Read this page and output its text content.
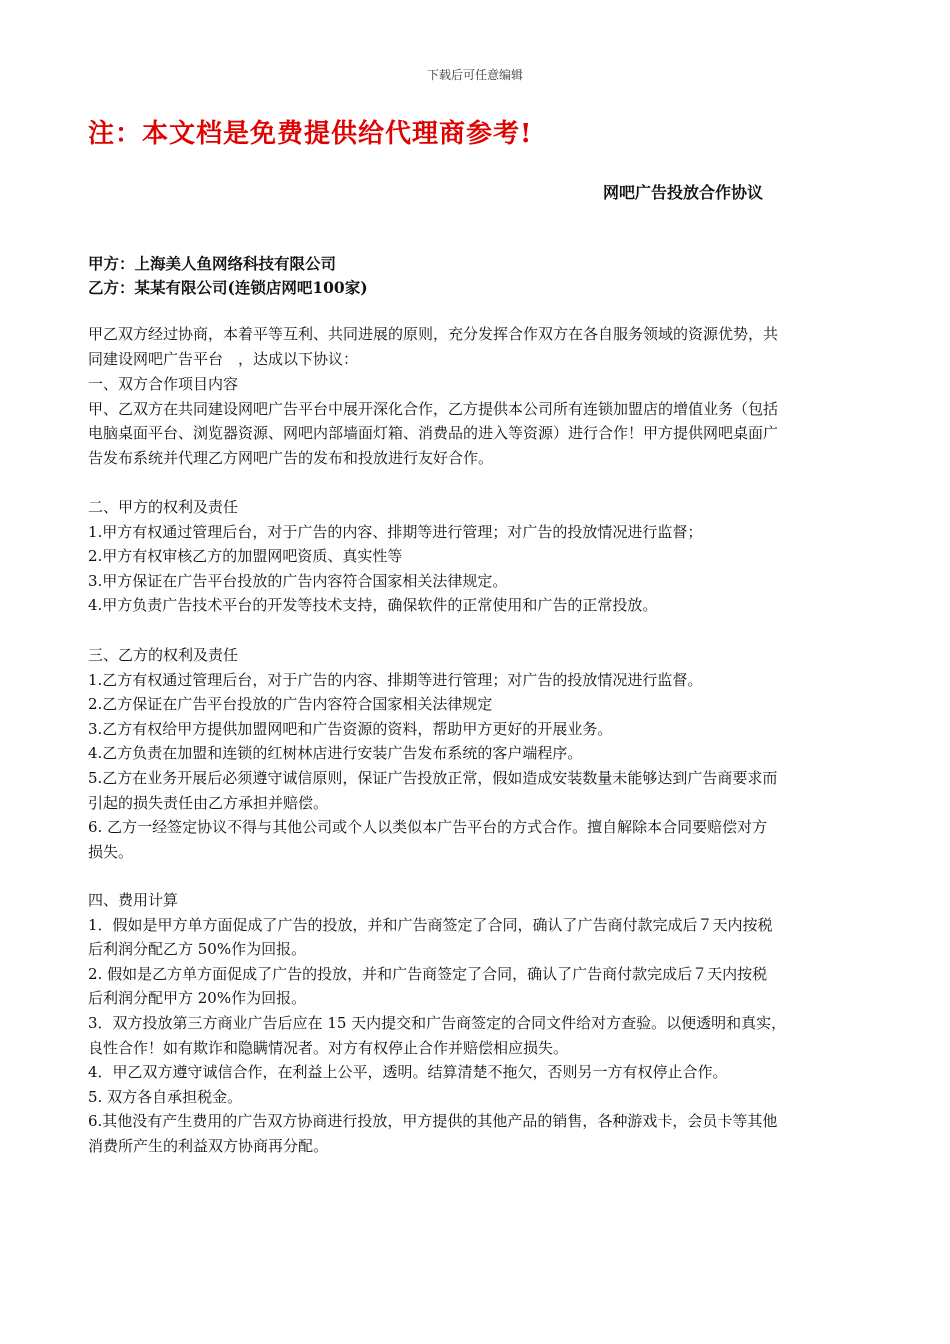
下载后可任意编辑
注：本文档是免费提供给代理商参考!
网吧广告投放合作协议
甲方：上海美人鱼网络科技有限公司
乙方：某某有限公司(连锁店网吧100家)

甲乙双方经过协商，本着平等互利、共同进展的原则，充分发挥合作双方在各自服务领域的资源优势，共

同建设网吧广告平台　，达成以下协议：

一、双方合作项目内容

甲、乙双方在共同建设网吧广告平台中展开深化合作，乙方提供本公司所有连锁加盟店的增值业务（包括

电脑桌面平台、浏览器资源、网吧内部墙面灯箱、消费品的进入等资源）进行合作！甲方提供网吧桌面广

告发布系统并代理乙方网吧广告的发布和投放进行友好合作。

二、甲方的权利及责任

1.甲方有权通过管理后台，对于广告的内容、排期等进行管理；对广告的投放情况进行监督；

2.甲方有权审核乙方的加盟网吧资质、真实性等

3.甲方保证在广告平台投放的广告内容符合国家相关法律规定。

4.甲方负责广告技术平台的开发等技术支持，确保软件的正常使用和广告的正常投放。

三、乙方的权利及责任

1.乙方有权通过管理后台，对于广告的内容、排期等进行管理；对广告的投放情况进行监督。

2.乙方保证在广告平台投放的广告内容符合国家相关法律规定

3.乙方有权给甲方提供加盟网吧和广告资源的资料，帮助甲方更好的开展业务。

4.乙方负责在加盟和连锁的红树林店进行安装广告发布系统的客户端程序。

5.乙方在业务开展后必须遵守诚信原则，保证广告投放正常，假如造成安装数量未能够达到广告商要求而

引起的损失责任由乙方承担并赔偿。

6. 乙方一经签定协议不得与其他公司或个人以类似本广告平台的方式合作。擅自解除本合同要赔偿对方

损失。

四、费用计算

1．假如是甲方单方面促成了广告的投放，并和广告商签定了合同，确认了广告商付款完成后７天内按税

后利润分配乙方 50%作为回报。

2. 假如是乙方单方面促成了广告的投放，并和广告商签定了合同，确认了广告商付款完成后７天内按税

后利润分配甲方 20%作为回报。

3．双方投放第三方商业广告后应在 15 天内提交和广告商签定的合同文件给对方查验。以便透明和真实，

良性合作！如有欺诈和隐瞒情况者。对方有权停止合作并赔偿相应损失。

4．甲乙双方遵守诚信合作，在利益上公平，透明。结算清楚不拖欠，否则另一方有权停止合作。

5. 双方各自承担税金。

6.其他没有产生费用的广告双方协商进行投放，甲方提供的其他产品的销售，各种游戏卡，会员卡等其他

消费所产生的利益双方协商再分配。
